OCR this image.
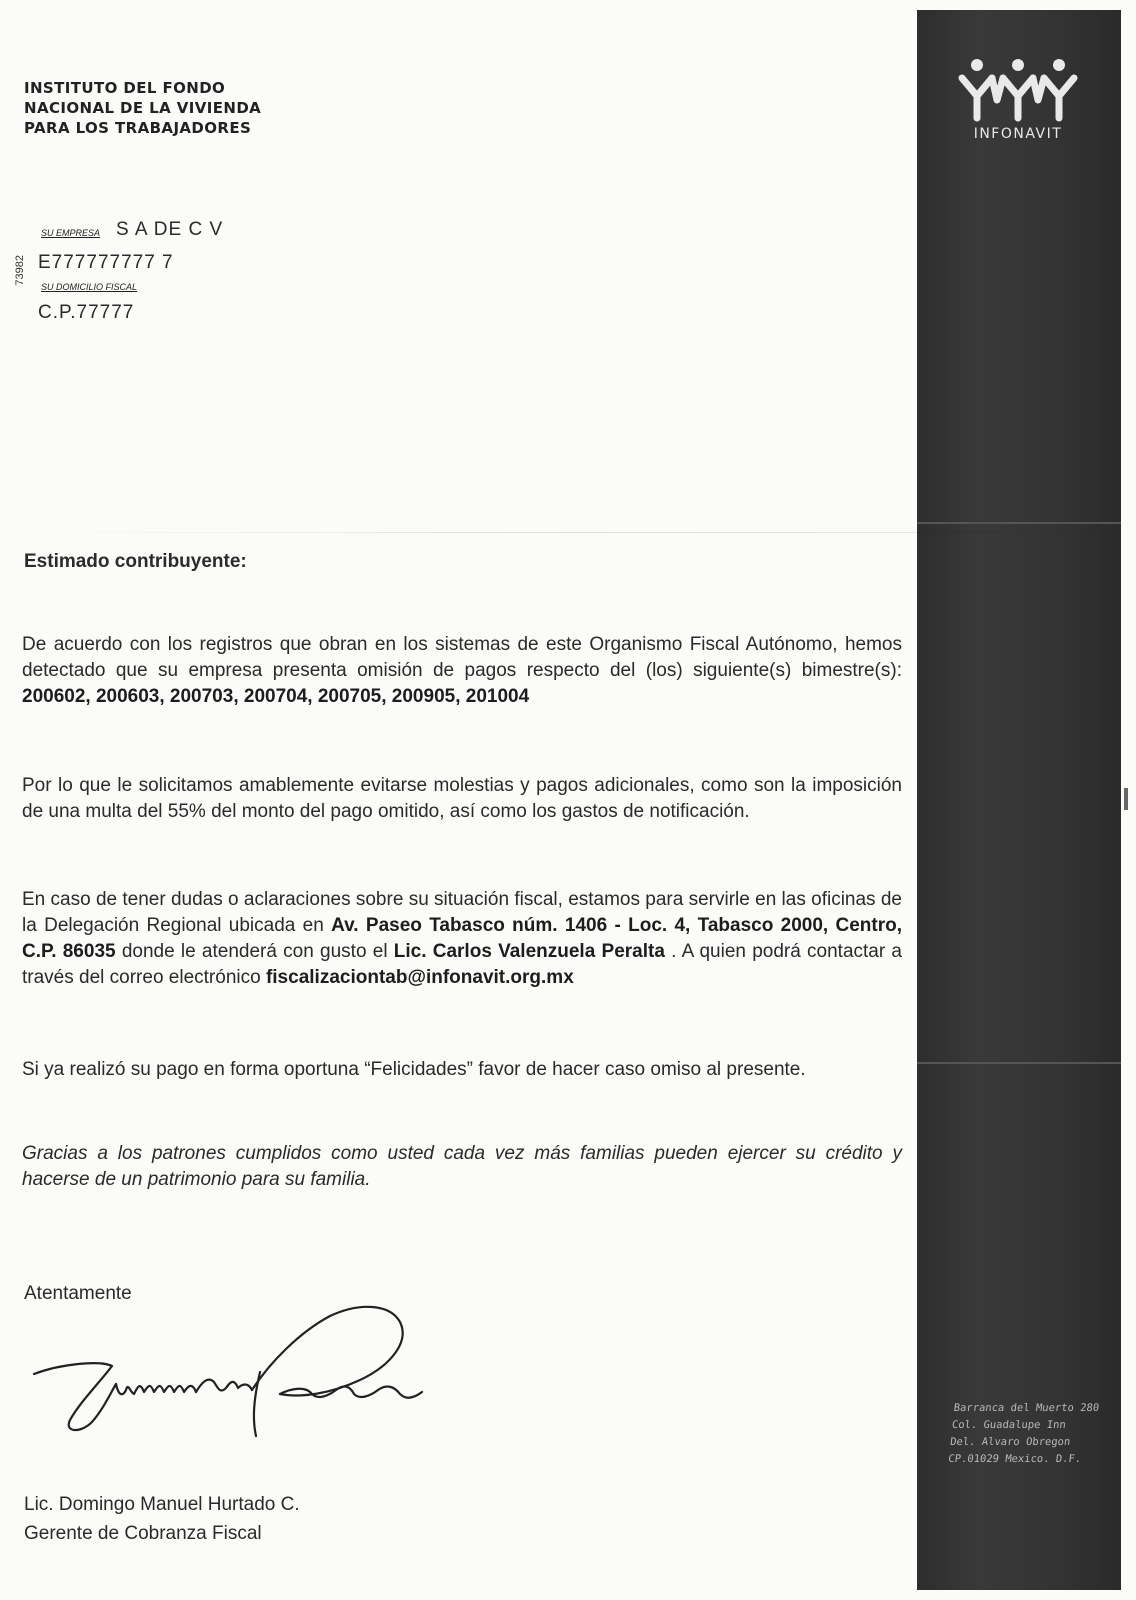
INSTITUTO DEL FONDO
NACIONAL DE LA VIVIENDA
PARA LOS TRABAJADORES
73982
SU EMPRESA S A DE C V
E777777777 7
SU DOMICILIO FISCAL
C.P.77777
INFONAVIT
Barranca del Muerto 280
Col. Guadalupe Inn
Del. Alvaro Obregon
CP.01029 Mexico. D.F.
Estimado contribuyente:
De acuerdo con los registros que obran en los sistemas de este Organismo Fiscal Autónomo, hemos detectado que su empresa presenta omisión de pagos respecto del (los) siguiente(s) bimestre(s): 200602, 200603, 200703, 200704, 200705, 200905, 201004
Por lo que le solicitamos amablemente evitarse molestias y pagos adicionales, como son la imposición de una multa del 55% del monto del pago omitido, así como los gastos de notificación.
En caso de tener dudas o aclaraciones sobre su situación fiscal, estamos para servirle en las oficinas de la Delegación Regional ubicada en Av. Paseo Tabasco núm. 1406 - Loc. 4, Tabasco 2000, Centro, C.P. 86035 donde le atenderá con gusto el Lic. Carlos Valenzuela Peralta . A quien podrá contactar a través del correo electrónico fiscalizaciontab@infonavit.org.mx
Si ya realizó su pago en forma oportuna “Felicidades” favor de hacer caso omiso al presente.
Gracias a los patrones cumplidos como usted cada vez más familias pueden ejercer su crédito y hacerse de un patrimonio para su familia.
Atentamente
Lic. Domingo Manuel Hurtado C.
Gerente de Cobranza Fiscal
